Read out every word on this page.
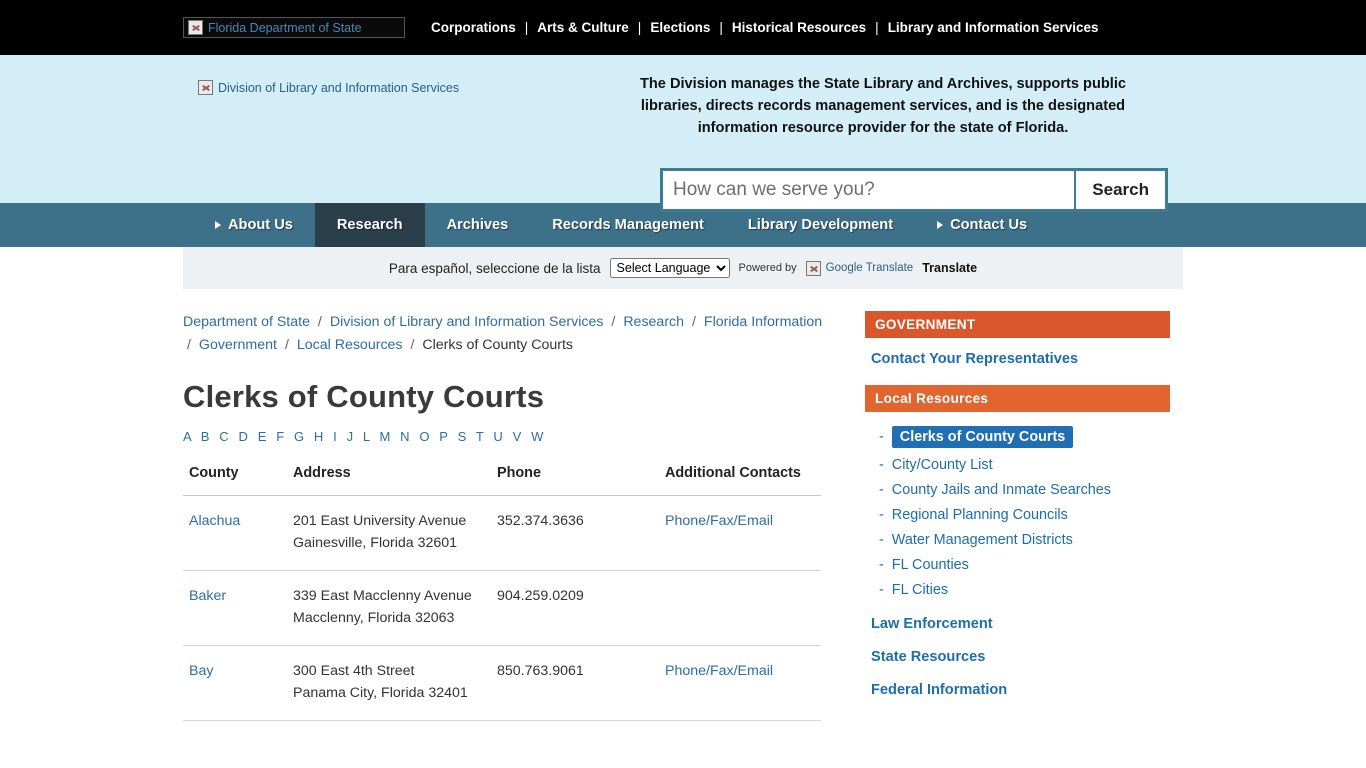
Florida Department of State	Corporations | Arts & Culture | Elections | Historical Resources | Library and Information Services
Division of Library and Information Services	The Division manages the State Library and Archives, supports public libraries, directs records management services, and is the designated information resource provider for the state of Florida.
How can we serve you?
Search
About Us	Research	Archives	Records Management	Library Development	Contact Us
Para español, seleccione de la lista
Select Language	Powered by	Google Translate Translate
Department of State / Division of Library and Information Services / Research / Florida Information / Government / Local Resources / Clerks of County Courts
Clerks of County Courts
A B C D E F G H I J L M N O P S T U V W
County	Address	Phone	Additional Contacts
Alachua	201 East University Avenue
Gainesville, Florida 32601	352.374.3636	Phone/Fax/Email
Baker	339 East Macclenny Avenue
Macclenny, Florida 32063	904.259.0209	
Bay	300 East 4th Street
Panama City, Florida 32401	850.763.9061	Phone/Fax/Email
GOVERNMENT
Contact Your Representatives
Local Resources
-	Clerks of County Courts
- City/County List
- County Jails and Inmate Searches
- Regional Planning Councils
- Water Management Districts
- FL Counties
- FL Cities
Law Enforcement
State Resources
Federal Information
